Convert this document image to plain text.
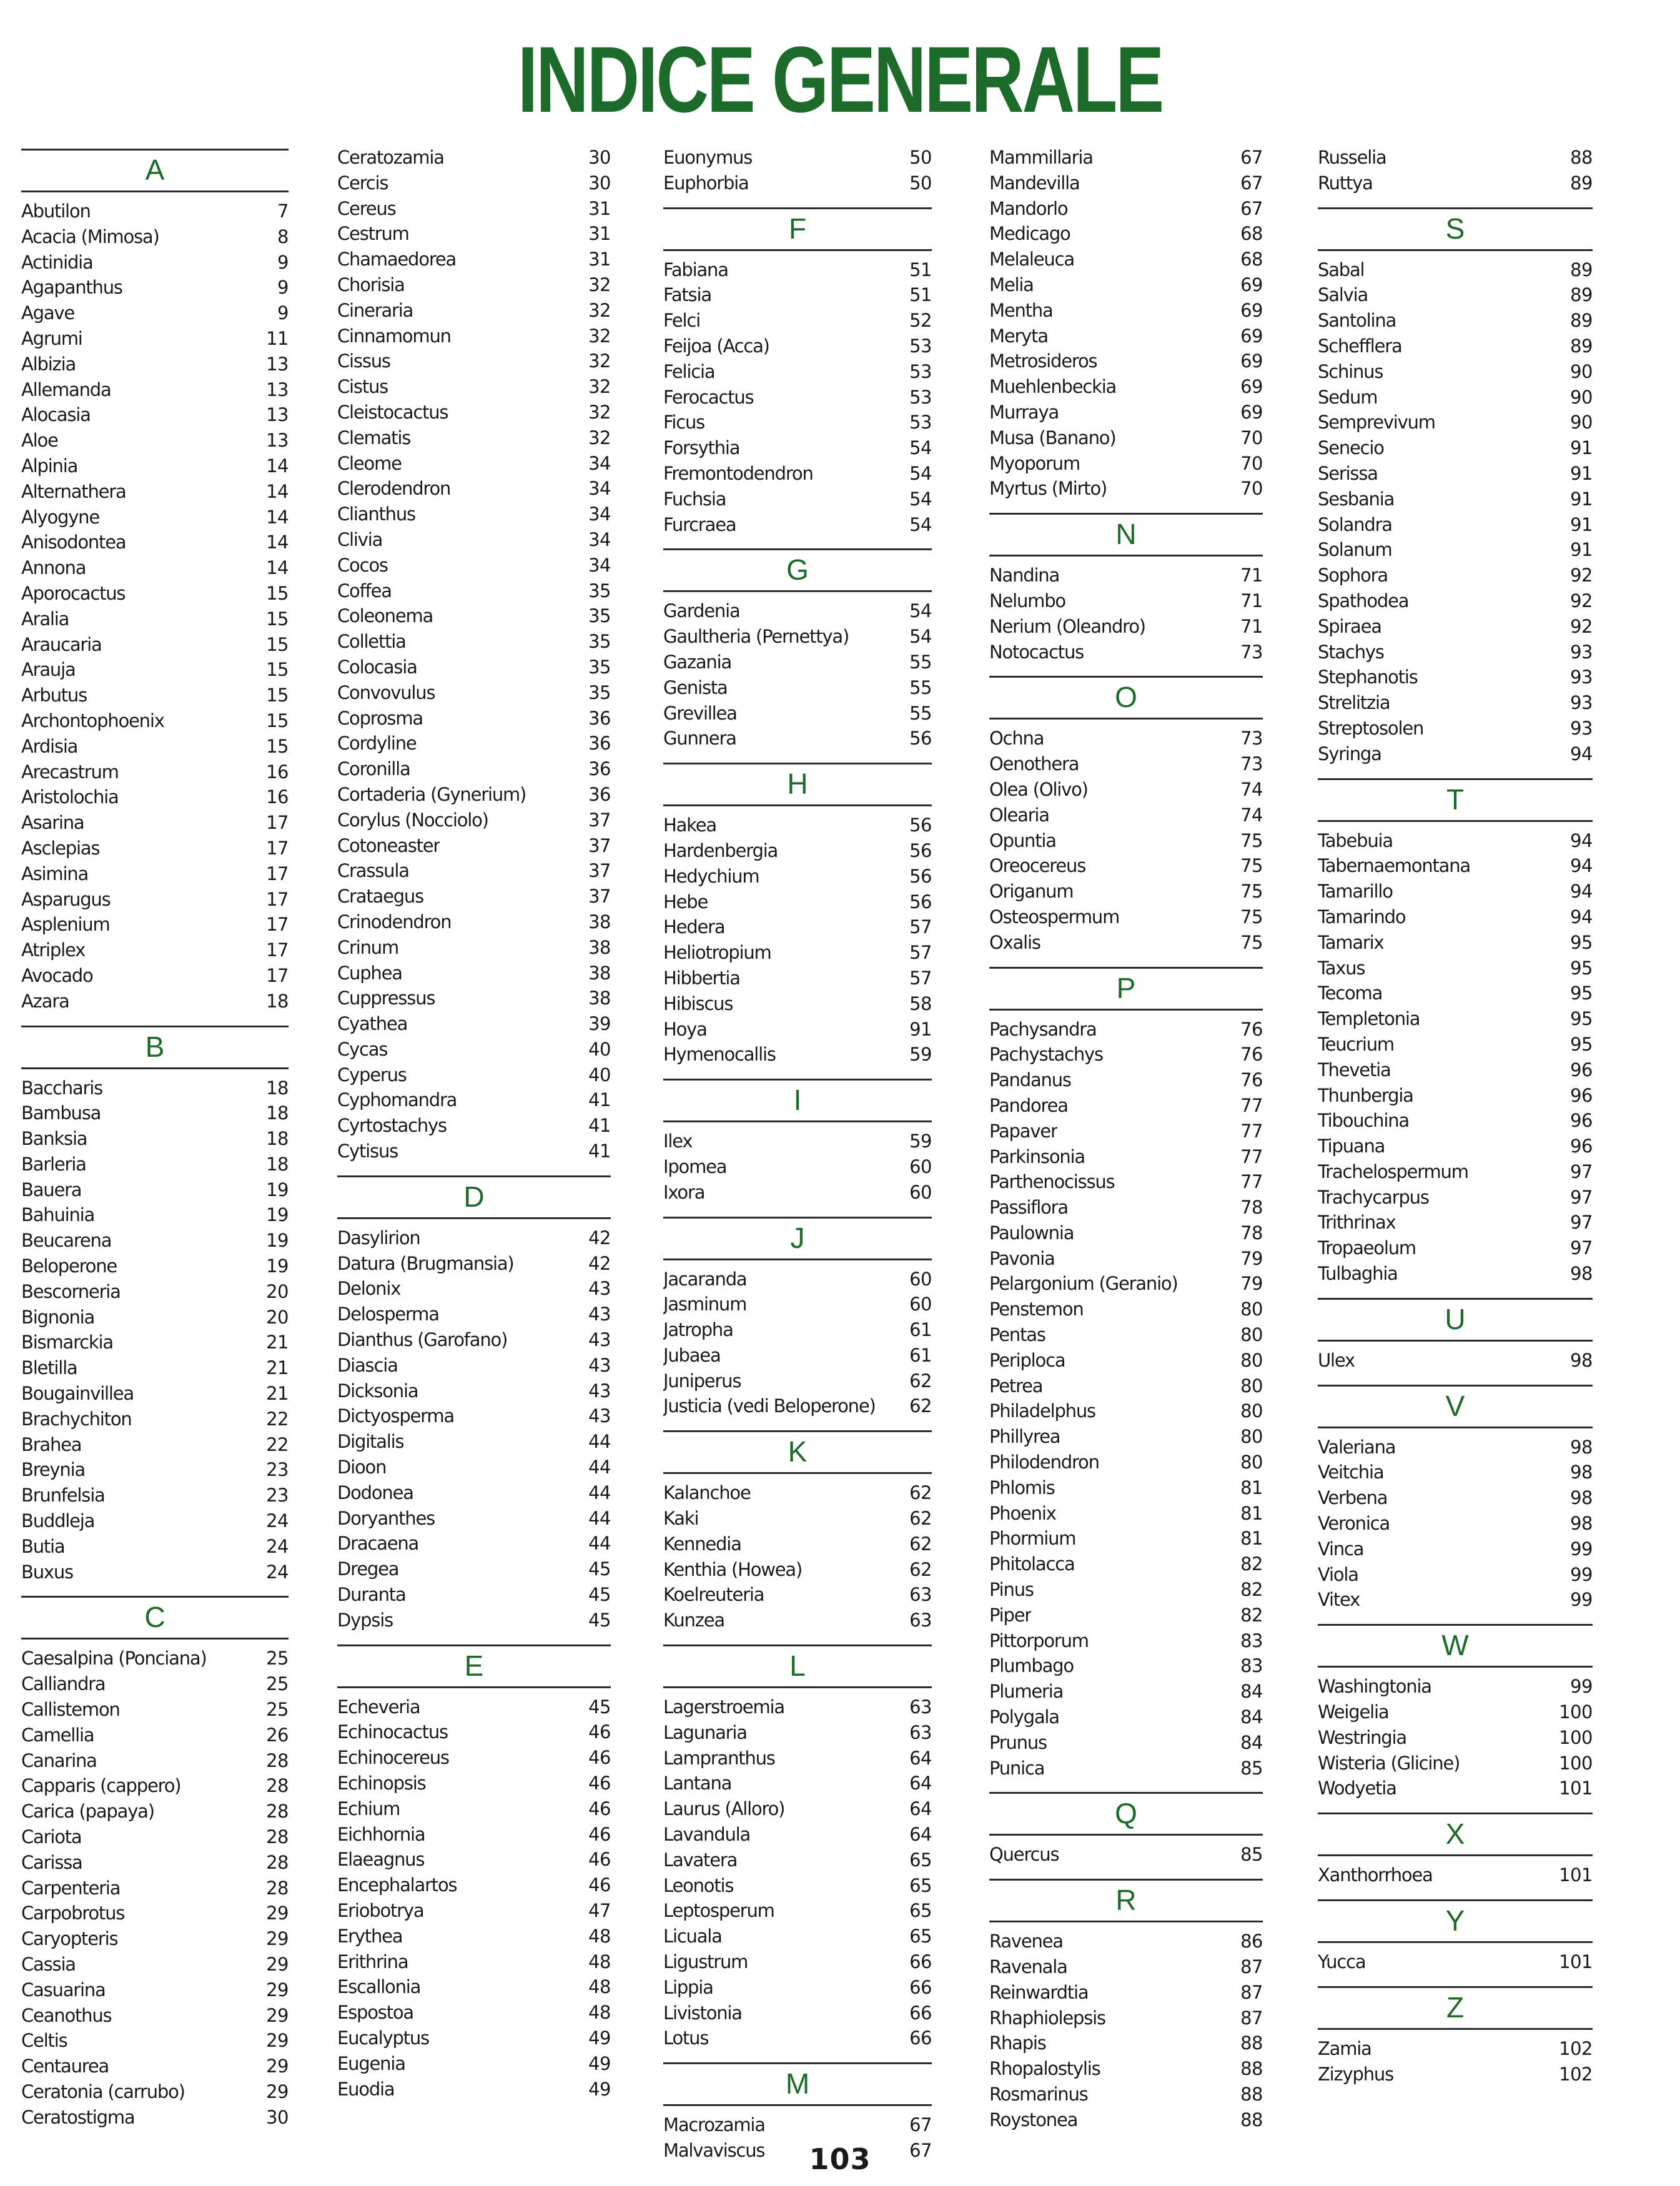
INDICE GENERALE
A
Abutilon	7
Acacia (Mimosa)	8
Actinidia	9
Agapanthus	9
Agave	9
Agrumi	11
Albizia	13
Allemanda	13
Alocasia	13
Aloe	13
Alpinia	14
Alternathera	14
Alyogyne	14
Anisodontea	14
Annona	14
Aporocactus	15
Aralia	15
Araucaria	15
Arauja	15
Arbutus	15
Archontophoenix	15
Ardisia	15
Arecastrum	16
Aristolochia	16
Asarina	17
Asclepias	17
Asimina	17
Asparugus	17
Asplenium	17
Atriplex	17
Avocado	17
Azara	18
B
Baccharis	18
Bambusa	18
Banksia	18
Barleria	18
Bauera	19
Bahuinia	19
Beucarena	19
Beloperone	19
Bescorneria	20
Bignonia	20
Bismarckia	21
Bletilla	21
Bougainvillea	21
Brachychiton	22
Brahea	22
Breynia	23
Brunfelsia	23
Buddleja	24
Butia	24
Buxus	24
C
Caesalpina (Ponciana)	25
Calliandra	25
Callistemon	25
Camellia	26
Canarina	28
Capparis (cappero)	28
Carica (papaya)	28
Cariota	28
Carissa	28
Carpenteria	28
Carpobrotus	29
Caryopteris	29
Cassia	29
Casuarina	29
Ceanothus	29
Celtis	29
Centaurea	29
Ceratonia (carrubo)	29
Ceratostigma	30
Ceratozamia	30
Cercis	30
Cereus	31
Cestrum	31
Chamaedorea	31
Chorisia	32
Cineraria	32
Cinnamomun	32
Cissus	32
Cistus	32
Cleistocactus	32
Clematis	32
Cleome	34
Clerodendron	34
Clianthus	34
Clivia	34
Cocos	34
Coffea	35
Coleonema	35
Collettia	35
Colocasia	35
Convovulus	35
Coprosma	36
Cordyline	36
Coronilla	36
Cortaderia (Gynerium)	36
Corylus (Nocciolo)	37
Cotoneaster	37
Crassula	37
Crataegus	37
Crinodendron	38
Crinum	38
Cuphea	38
Cuppressus	38
Cyathea	39
Cycas	40
Cyperus	40
Cyphomandra	41
Cyrtostachys	41
Cytisus	41
D
Dasylirion	42
Datura (Brugmansia)	42
Delonix	43
Delosperma	43
Dianthus (Garofano)	43
Diascia	43
Dicksonia	43
Dictyosperma	43
Digitalis	44
Dioon	44
Dodonea	44
Doryanthes	44
Dracaena	44
Dregea	45
Duranta	45
Dypsis	45
E
Echeveria	45
Echinocactus	46
Echinocereus	46
Echinopsis	46
Echium	46
Eichhornia	46
Elaeagnus	46
Encephalartos	46
Eriobotrya	47
Erythea	48
Erithrina	48
Escallonia	48
Espostoa	48
Eucalyptus	49
Eugenia	49
Euodia	49
Euonymus	50
Euphorbia	50
F
Fabiana	51
Fatsia	51
Felci	52
Feijoa (Acca)	53
Felicia	53
Ferocactus	53
Ficus	53
Forsythia	54
Fremontodendron	54
Fuchsia	54
Furcraea	54
G
Gardenia	54
Gaultheria (Pernettya)	54
Gazania	55
Genista	55
Grevillea	55
Gunnera	56
H
Hakea	56
Hardenbergia	56
Hedychium	56
Hebe	56
Hedera	57
Heliotropium	57
Hibbertia	57
Hibiscus	58
Hoya	91
Hymenocallis	59
I
Ilex	59
Ipomea	60
Ixora	60
J
Jacaranda	60
Jasminum	60
Jatropha	61
Jubaea	61
Juniperus	62
Justicia (vedi Beloperone)	62
K
Kalanchoe	62
Kaki	62
Kennedia	62
Kenthia (Howea)	62
Koelreuteria	63
Kunzea	63
L
Lagerstroemia	63
Lagunaria	63
Lampranthus	64
Lantana	64
Laurus (Alloro)	64
Lavandula	64
Lavatera	65
Leonotis	65
Leptosperum	65
Licuala	65
Ligustrum	66
Lippia	66
Livistonia	66
Lotus	66
M
Macrozamia	67
Malvaviscus	67
Mammillaria	67
Mandevilla	67
Mandorlo	67
Medicago	68
Melaleuca	68
Melia	69
Mentha	69
Meryta	69
Metrosideros	69
Muehlenbeckia	69
Murraya	69
Musa (Banano)	70
Myoporum	70
Myrtus (Mirto)	70
N
Nandina	71
Nelumbo	71
Nerium (Oleandro)	71
Notocactus	73
O
Ochna	73
Oenothera	73
Olea (Olivo)	74
Olearia	74
Opuntia	75
Oreocereus	75
Origanum	75
Osteospermum	75
Oxalis	75
P
Pachysandra	76
Pachystachys	76
Pandanus	76
Pandorea	77
Papaver	77
Parkinsonia	77
Parthenocissus	77
Passiflora	78
Paulownia	78
Pavonia	79
Pelargonium (Geranio)	79
Penstemon	80
Pentas	80
Periploca	80
Petrea	80
Philadelphus	80
Phillyrea	80
Philodendron	80
Phlomis	81
Phoenix	81
Phormium	81
Phitolacca	82
Pinus	82
Piper	82
Pittorporum	83
Plumbago	83
Plumeria	84
Polygala	84
Prunus	84
Punica	85
Q
Quercus	85
R
Ravenea	86
Ravenala	87
Reinwardtia	87
Rhaphiolepsis	87
Rhapis	88
Rhopalostylis	88
Rosmarinus	88
Roystonea	88
Russelia	88
Ruttya	89
S
Sabal	89
Salvia	89
Santolina	89
Schefflera	89
Schinus	90
Sedum	90
Semprevivum	90
Senecio	91
Serissa	91
Sesbania	91
Solandra	91
Solanum	91
Sophora	92
Spathodea	92
Spiraea	92
Stachys	93
Stephanotis	93
Strelitzia	93
Streptosolen	93
Syringa	94
T
Tabebuia	94
Tabernaemontana	94
Tamarillo	94
Tamarindo	94
Tamarix	95
Taxus	95
Tecoma	95
Templetonia	95
Teucrium	95
Thevetia	96
Thunbergia	96
Tibouchina	96
Tipuana	96
Trachelospermum	97
Trachycarpus	97
Trithrinax	97
Tropaeolum	97
Tulbaghia	98
U
Ulex	98
V
Valeriana	98
Veitchia	98
Verbena	98
Veronica	98
Vinca	99
Viola	99
Vitex	99
W
Washingtonia	99
Weigelia	100
Westringia	100
Wisteria (Glicine)	100
Wodyetia	101
X
Xanthorrhoea	101
Y
Yucca	101
Z
Zamia	102
Zizyphus	102
103
